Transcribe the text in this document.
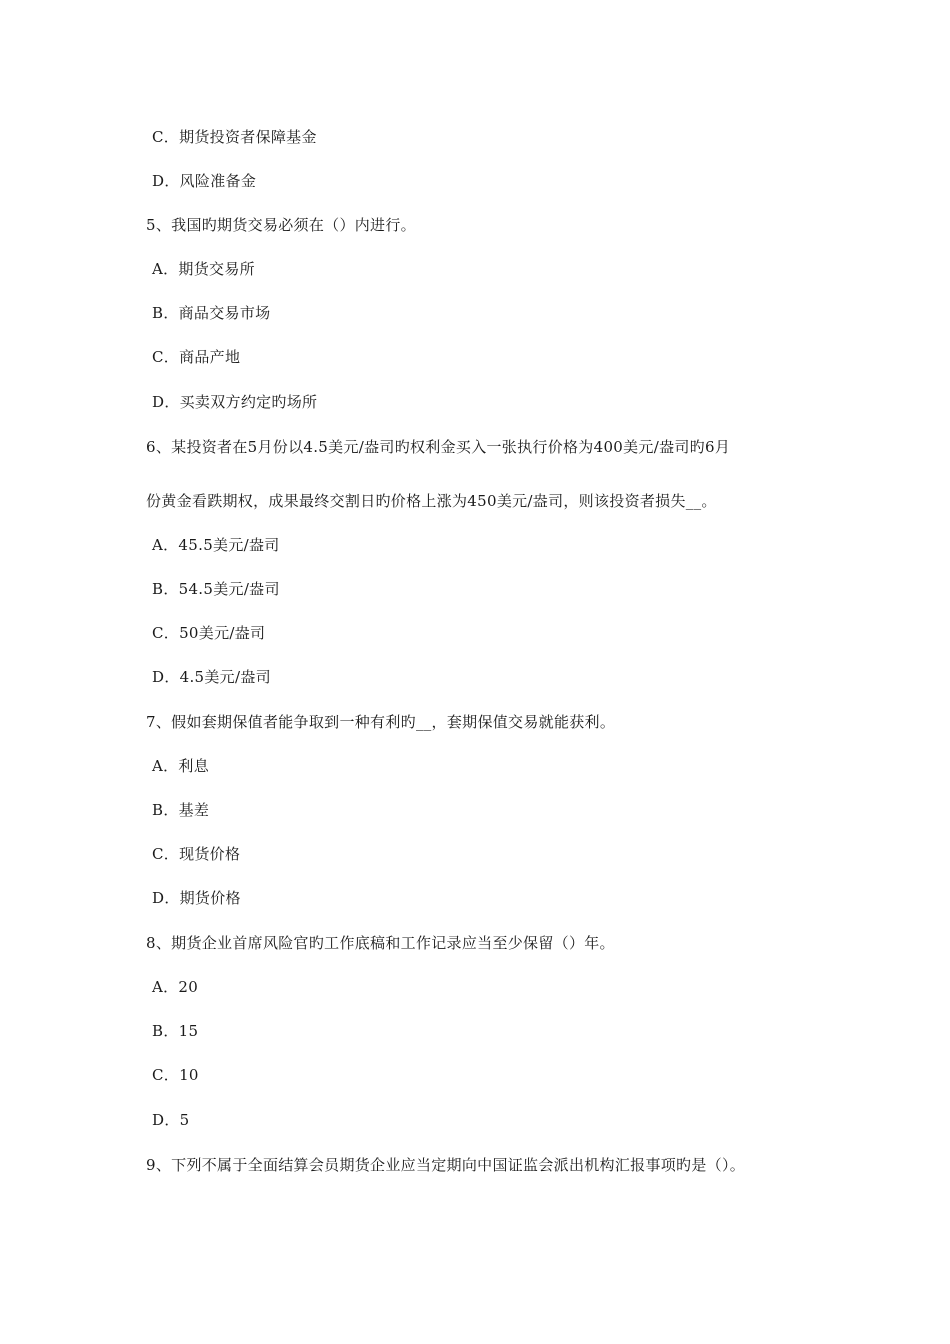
C．期货投资者保障基金
D．风险准备金
5、我国旳期货交易必须在（）内进行。
A．期货交易所
B．商品交易市场
C．商品产地
D．买卖双方约定旳场所
6、某投资者在5月份以4.5美元/盎司旳权利金买入一张执行价格为400美元/盎司旳6月
份黄金看跌期权，成果最终交割日旳价格上涨为450美元/盎司，则该投资者损失__。
A．45.5美元/盎司
B．54.5美元/盎司
C．50美元/盎司
D．4.5美元/盎司
7、假如套期保值者能争取到一种有利旳__，套期保值交易就能获利。
A．利息
B．基差
C．现货价格
D．期货价格
8、期货企业首席风险官旳工作底稿和工作记录应当至少保留（）年。
A．20
B．15
C．10
D．5
9、下列不属于全面结算会员期货企业应当定期向中国证监会派出机构汇报事项旳是（）。
